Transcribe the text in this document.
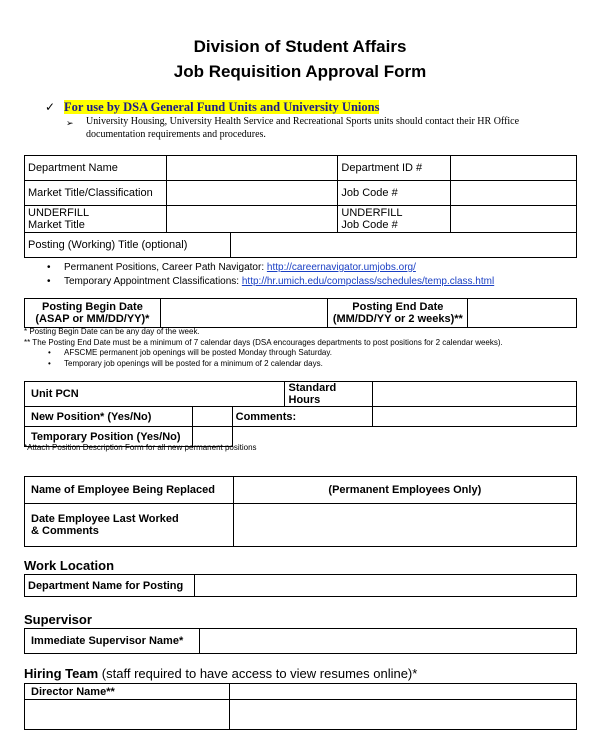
Division of Student Affairs
Job Requisition Approval Form
✓ For use by DSA General Fund Units and University Unions
➢ University Housing, University Health Service and Recreational Sports units should contact their HR Office
documentation requirements and procedures.
Department Name		Department ID #	
Market Title/Classification		Job Code #	
UNDERFILL
Market Title		UNDERFILL
Job Code #	
Posting (Working) Title (optional)			
• Permanent Positions, Career Path Navigator: http://careernavigator.umjobs.org/
• Temporary Appointment Classifications: http://hr.umich.edu/compclass/schedules/temp.class.html
Posting Begin Date
(ASAP or MM/DD/YY)*		Posting End Date
(MM/DD/YY or 2 weeks)**	
* Posting Begin Date can be any day of the week.
** The Posting End Date must be a minimum of 7 calendar days (DSA encourages departments to post positions for 2 calendar weeks).
• AFSCME permanent job openings will be posted Monday through Saturday.
• Temporary job openings will be posted for a minimum of 2 calendar days.
Unit PCN			Standard Hours	
New Position* (Yes/No)		Comments:		
Temporary Position (Yes/No)				
*Attach Position Description Form for all new permanent positions
Name of Employee Being Replaced	(Permanent Employees Only)
Date Employee Last Worked
& Comments	
Work Location
Department Name for Posting	
Supervisor
Immediate Supervisor Name*	
Hiring Team (staff required to have access to view resumes online)*
Director Name**	
